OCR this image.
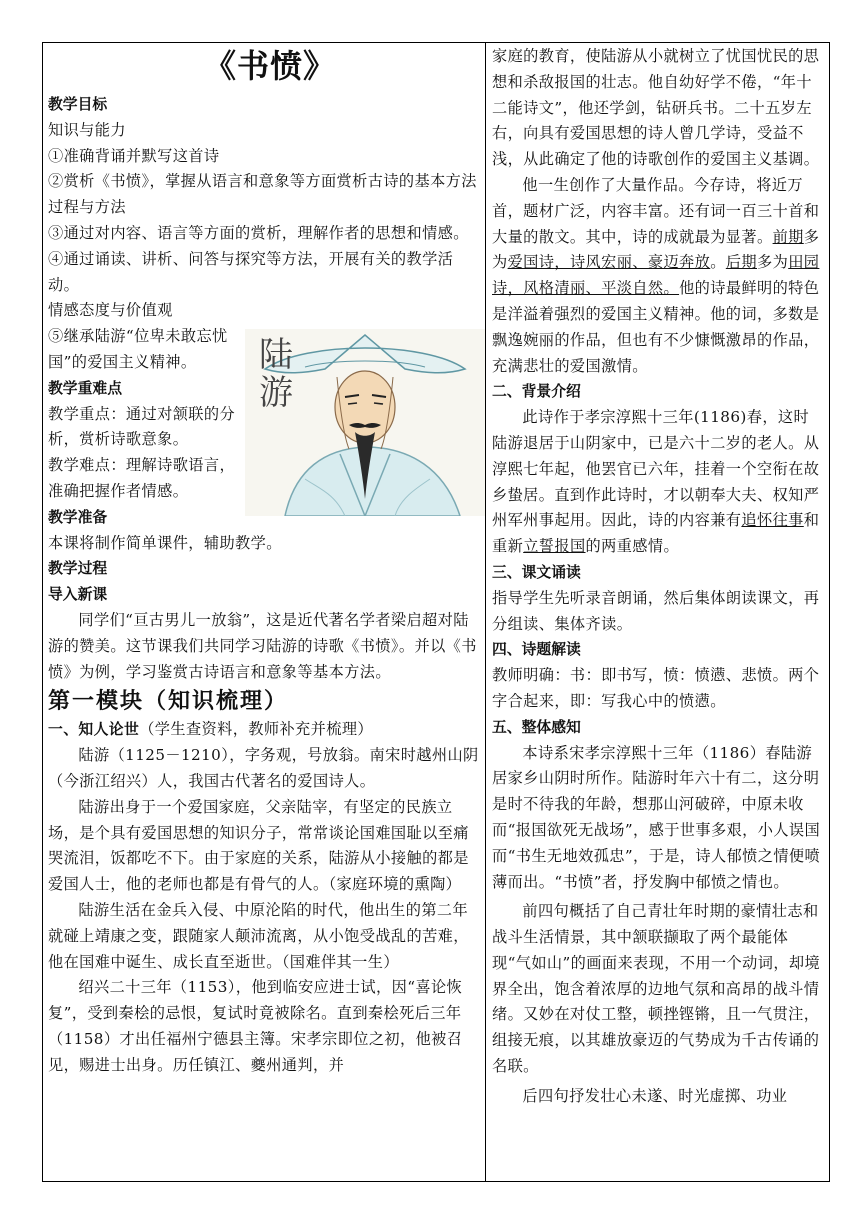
《书愤》

教学目标

知识与能力

①准确背诵并默写这首诗

②赏析《书愤》，掌握从语言和意象等方面赏析古诗的基本方法

过程与方法

③通过对内容、语言等方面的赏析，理解作者的思想和情感。

④通过诵读、讲析、问答与探究等方法，开展有关的教学活动。

情感态度与价值观

⑤继承陆游“位卑未敢忘忧国”的爱国主义精神。

教学重难点

教学重点：通过对颔联的分析，赏析诗歌意象。

教学难点：理解诗歌语言，准确把握作者情感。

教学准备

本课将制作简单课件，辅助教学。

教学过程

导入新课

同学们“亘古男儿一放翁”，这是近代著名学者梁启超对陆游的赞美。这节课我们共同学习陆游的诗歌《书愤》。并以《书愤》为例，学习鉴赏古诗语言和意象等基本方法。

第一模块（知识梳理）

一、知人论世（学生查资料，教师补充并梳理）

陆游（1125－1210），字务观，号放翁。南宋时越州山阴（今浙江绍兴）人，我国古代著名的爱国诗人。

陆游出身于一个爱国家庭，父亲陆宰，有坚定的民族立场，是个具有爱国思想的知识分子，常常谈论国难国耻以至痛哭流泪，饭都吃不下。由于家庭的关系，陆游从小接触的都是爱国人士，他的老师也都是有骨气的人。（家庭环境的熏陶）

陆游生活在金兵入侵、中原沦陷的时代，他出生的第二年就碰上靖康之变，跟随家人颠沛流离，从小饱受战乱的苦难，他在国难中诞生、成长直至逝世。（国难伴其一生）

绍兴二十三年（1153），他到临安应进士试，因“喜论恢复”，受到秦桧的忌恨，复试时竟被除名。直到秦桧死后三年 （1158）才出任福州宁德县主簿。宋孝宗即位之初，他被召见，赐进士出身。历任镇江、夔州通判，并

陆
游

家庭的教育，使陆游从小就树立了忧国忧民的思想和杀敌报国的壮志。他自幼好学不倦，“年十二能诗文”，他还学剑，钻研兵书。二十五岁左右，向具有爱国思想的诗人曾几学诗，受益不浅，从此确定了他的诗歌创作的爱国主义基调。

他一生创作了大量作品。今存诗，将近万首，题材广泛，内容丰富。还有词一百三十首和大量的散文。其中，诗的成就最为显著。前期多为爱国诗，诗风宏丽、豪迈奔放。后期多为田园诗，风格清丽、平淡自然。他的诗最鲜明的特色是洋溢着强烈的爱国主义精神。他的词，多数是飘逸婉丽的作品，但也有不少慷慨激昂的作品，充满悲壮的爱国激情。

二、背景介绍

此诗作于孝宗淳熙十三年(1186)春，这时陆游退居于山阴家中，已是六十二岁的老人。从淳熙七年起，他罢官已六年，挂着一个空衔在故乡蛰居。直到作此诗时，才以朝奉大夫、权知严州军州事起用。因此，诗的内容兼有追怀往事和重新立誓报国的两重感情。

三、课文诵读

指导学生先听录音朗诵，然后集体朗读课文，再分组读、集体齐读。

四、诗题解读

教师明确：书：即书写，愤：愤懑、悲愤。两个字合起来，即：写我心中的愤懑。

五、整体感知

本诗系宋孝宗淳熙十三年（1186）春陆游居家乡山阴时所作。陆游时年六十有二，这分明是时不待我的年龄，想那山河破碎，中原未收而“报国欲死无战场”，感于世事多艰，小人误国而“书生无地效孤忠”，于是，诗人郁愤之情便喷薄而出。“书愤”者，抒发胸中郁愤之情也。

前四句概括了自己青壮年时期的豪情壮志和战斗生活情景，其中颔联撷取了两个最能体现“气如山”的画面来表现，不用一个动词，却境界全出，饱含着浓厚的边地气氛和高昂的战斗情绪。又妙在对仗工整，顿挫铿锵，且一气贯注，组接无痕，以其雄放豪迈的气势成为千古传诵的名联。

后四句抒发壮心未遂、时光虚掷、功业
